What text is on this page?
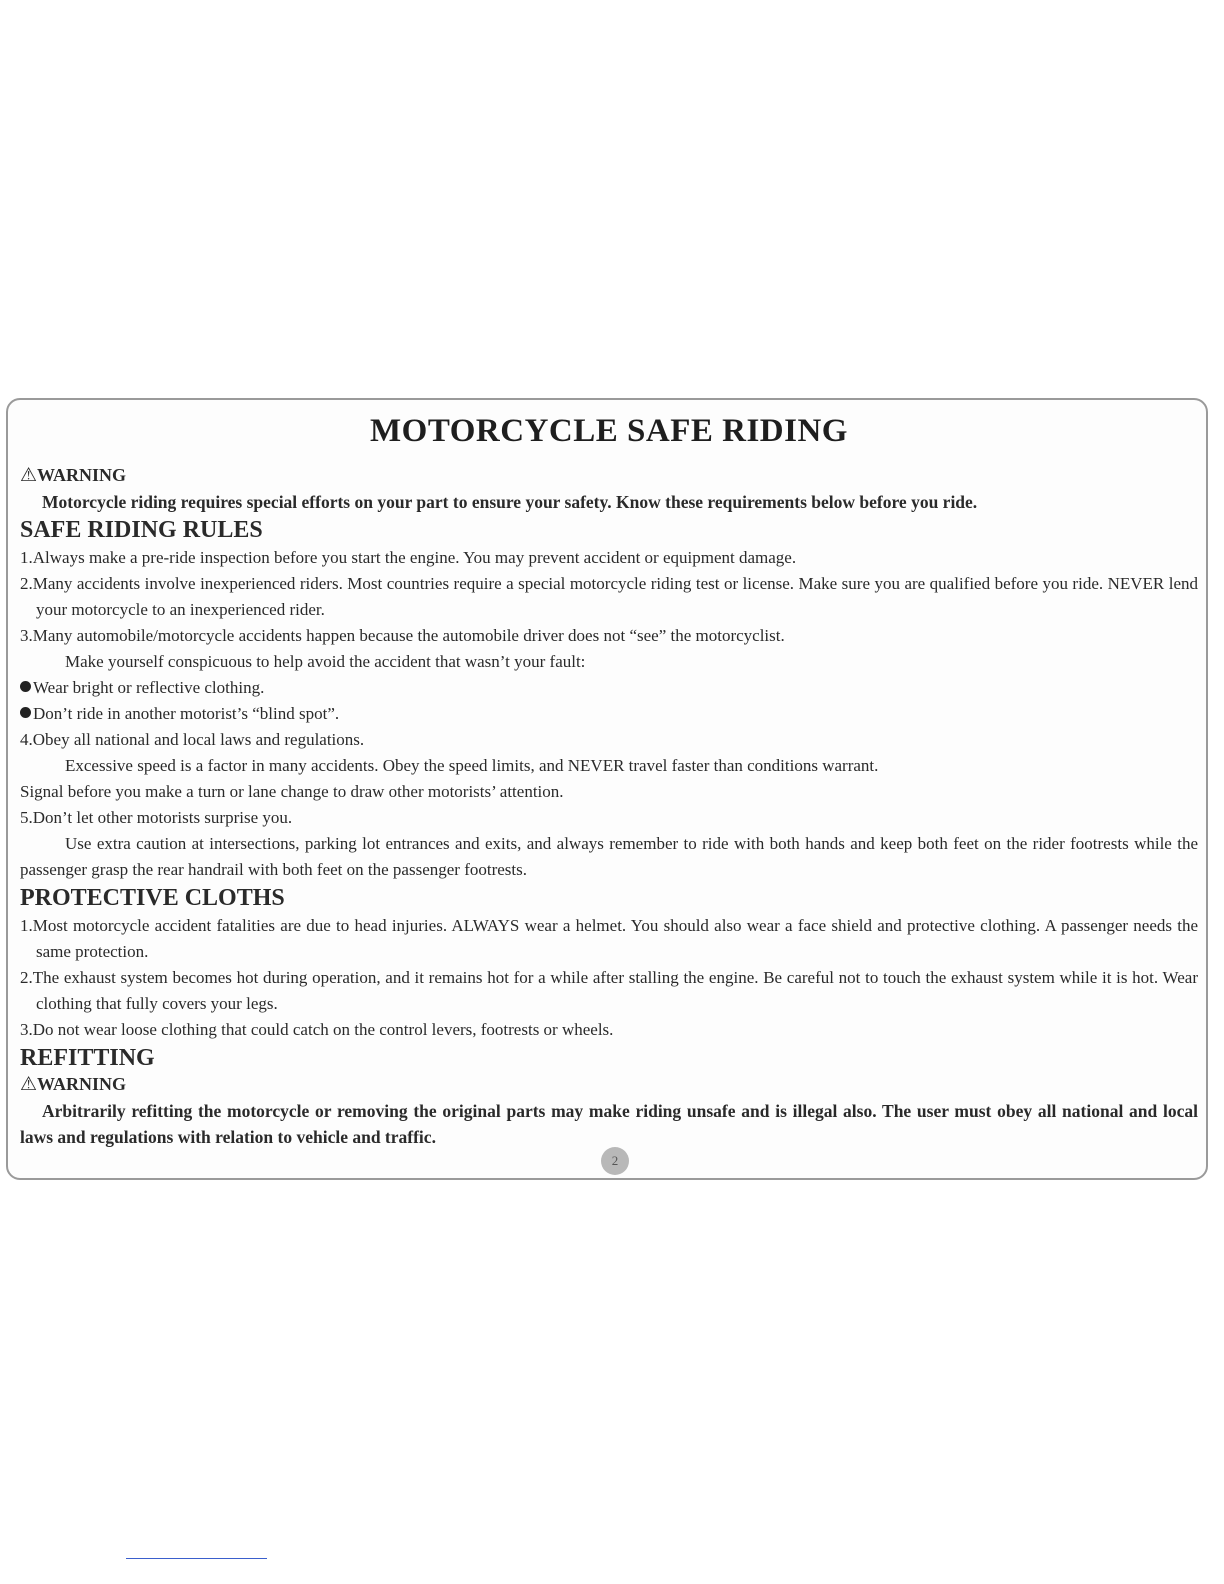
MOTORCYCLE SAFE RIDING

⚠WARNING

Motorcycle riding requires special efforts on your part to ensure your safety. Know these requirements below before you ride.

SAFE RIDING RULES

1.Always make a pre-ride inspection before you start the engine. You may prevent accident or equipment damage.

2.Many accidents involve inexperienced riders. Most countries require a special motorcycle riding test or license. Make sure you are qualified before you ride. NEVER lend your motorcycle to an inexperienced rider.

3.Many automobile/motorcycle accidents happen because the automobile driver does not “see” the motorcyclist.

Make yourself conspicuous to help avoid the accident that wasn’t your fault:

Wear bright or reflective clothing.

Don’t ride in another motorist’s “blind spot”.

4.Obey all national and local laws and regulations.

Excessive speed is a factor in many accidents. Obey the speed limits, and NEVER travel faster than conditions warrant.

Signal before you make a turn or lane change to draw other motorists’ attention.

5.Don’t let other motorists surprise you.

Use extra caution at intersections, parking lot entrances and exits, and always remember to ride with both hands and keep both feet on the rider footrests while the passenger grasp the rear handrail with both feet on the passenger footrests.

PROTECTIVE CLOTHS

1.Most motorcycle accident fatalities are due to head injuries. ALWAYS wear a helmet. You should also wear a face shield and protective clothing. A passenger needs the same protection.

2.The exhaust system becomes hot during operation, and it remains hot for a while after stalling the engine. Be careful not to touch the exhaust system while it is hot. Wear clothing that fully covers your legs.

3.Do not wear loose clothing that could catch on the control levers, footrests or wheels.

REFITTING

⚠WARNING

Arbitrarily refitting the motorcycle or removing the original parts may make riding unsafe and is illegal also. The user must obey all national and local laws and regulations with relation to vehicle and traffic.

2
